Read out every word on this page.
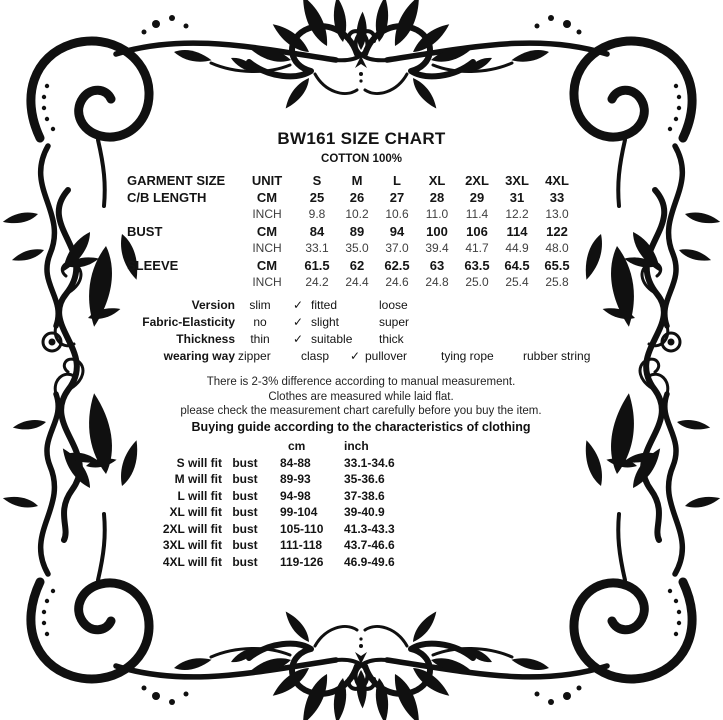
BW161 SIZE CHART
COTTON 100%
GARMENT SIZE	UNIT	S	M	L	XL	2XL	3XL	4XL
C/B LENGTH	CM	25	26	27	28	29	31	33
INCH	9.8	10.2	10.6	11.0	11.4	12.2	13.0
BUST	CM	84	89	94	100	106	114	122
INCH	33.1	35.0	37.0	39.4	41.7	44.9	48.0
SLEEVE	CM	61.5	62	62.5	63	63.5	64.5	65.5
INCH	24.2	24.4	24.6	24.8	25.0	25.4	25.8
Version	slim	✓ fitted	loose
Fabric-Elasticity	no	✓ slight	super
Thickness	thin	✓ suitable	thick
wearing way zipper	clasp	✓ pullover	tying rope	rubber string
There is 2-3% difference according to manual measurement.
Clothes are measured while laid flat.
please check the measurement chart carefully before you buy the item.
Buying guide according to the characteristics of clothing
cm	inch
S will fit bust	84-88	33.1-34.6
M will fit bust	89-93	35-36.6
L will fit bust	94-98	37-38.6
XL will fit bust	99-104	39-40.9
2XL will fit bust	105-110	41.3-43.3
3XL will fit bust	111-118	43.7-46.6
4XL will fit bust	119-126	46.9-49.6
